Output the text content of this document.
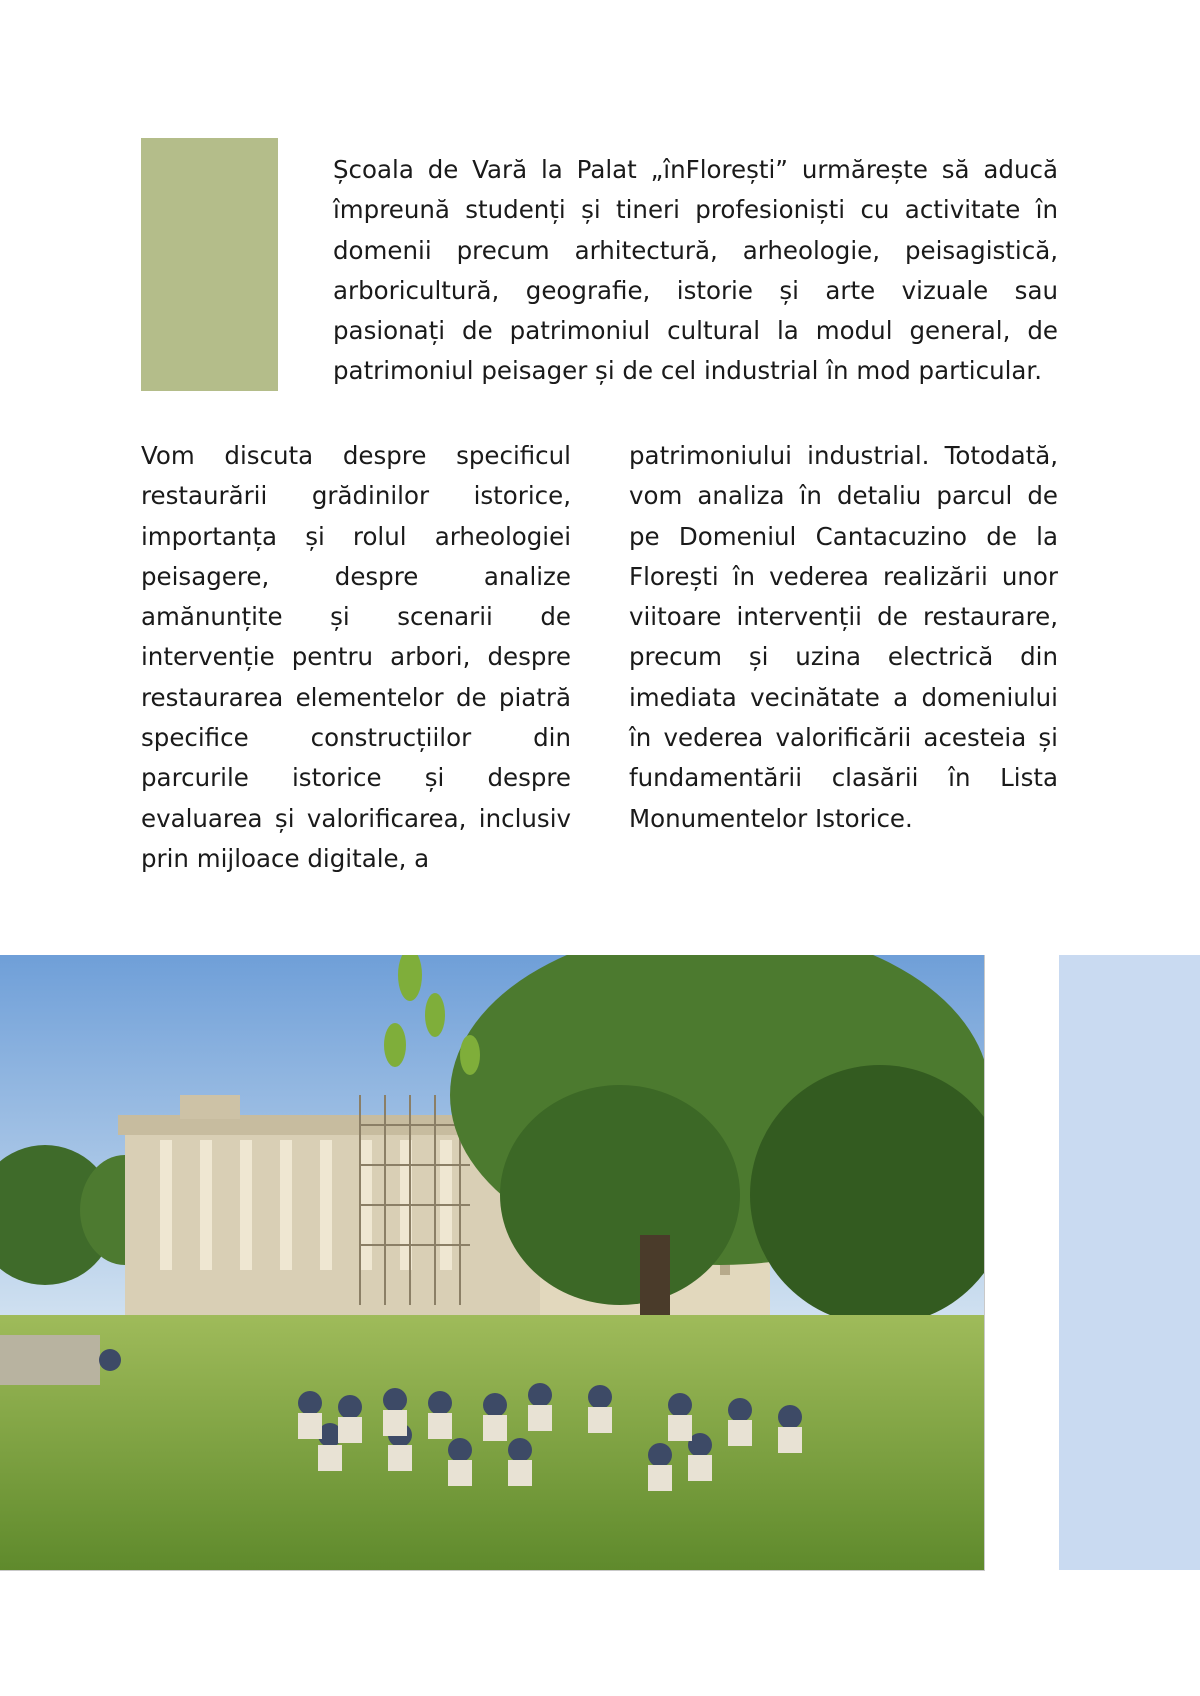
Școala de Vară la Palat „înFlorești” urmărește să aducă împreună studenți și tineri profesioniști cu activitate în domenii precum arhitectură, arheologie, peisagistică, arboricultură, geografie, istorie și arte vizuale sau pasionați de patrimoniul cultural la modul general, de patrimoniul peisager și de cel industrial în mod particular.

Vom discuta despre specificul restaurării grădinilor istorice, importanța și rolul arheologiei peisagere, despre analize amănunțite și scenarii de intervenție pentru arbori, despre restaurarea elementelor de piatră specifice construcțiilor din parcurile istorice și despre evaluarea și valorificarea, inclusiv prin mijloace digitale, a

patrimoniului industrial. Totodată, vom analiza în detaliu parcul de pe Domeniul Cantacuzino de la Florești în vederea realizării unor viitoare intervenții de restaurare, precum și uzina electrică din imediata vecinătate a domeniului în vederea valorificării acesteia și fundamentării clasării în Lista Monumentelor Istorice.
